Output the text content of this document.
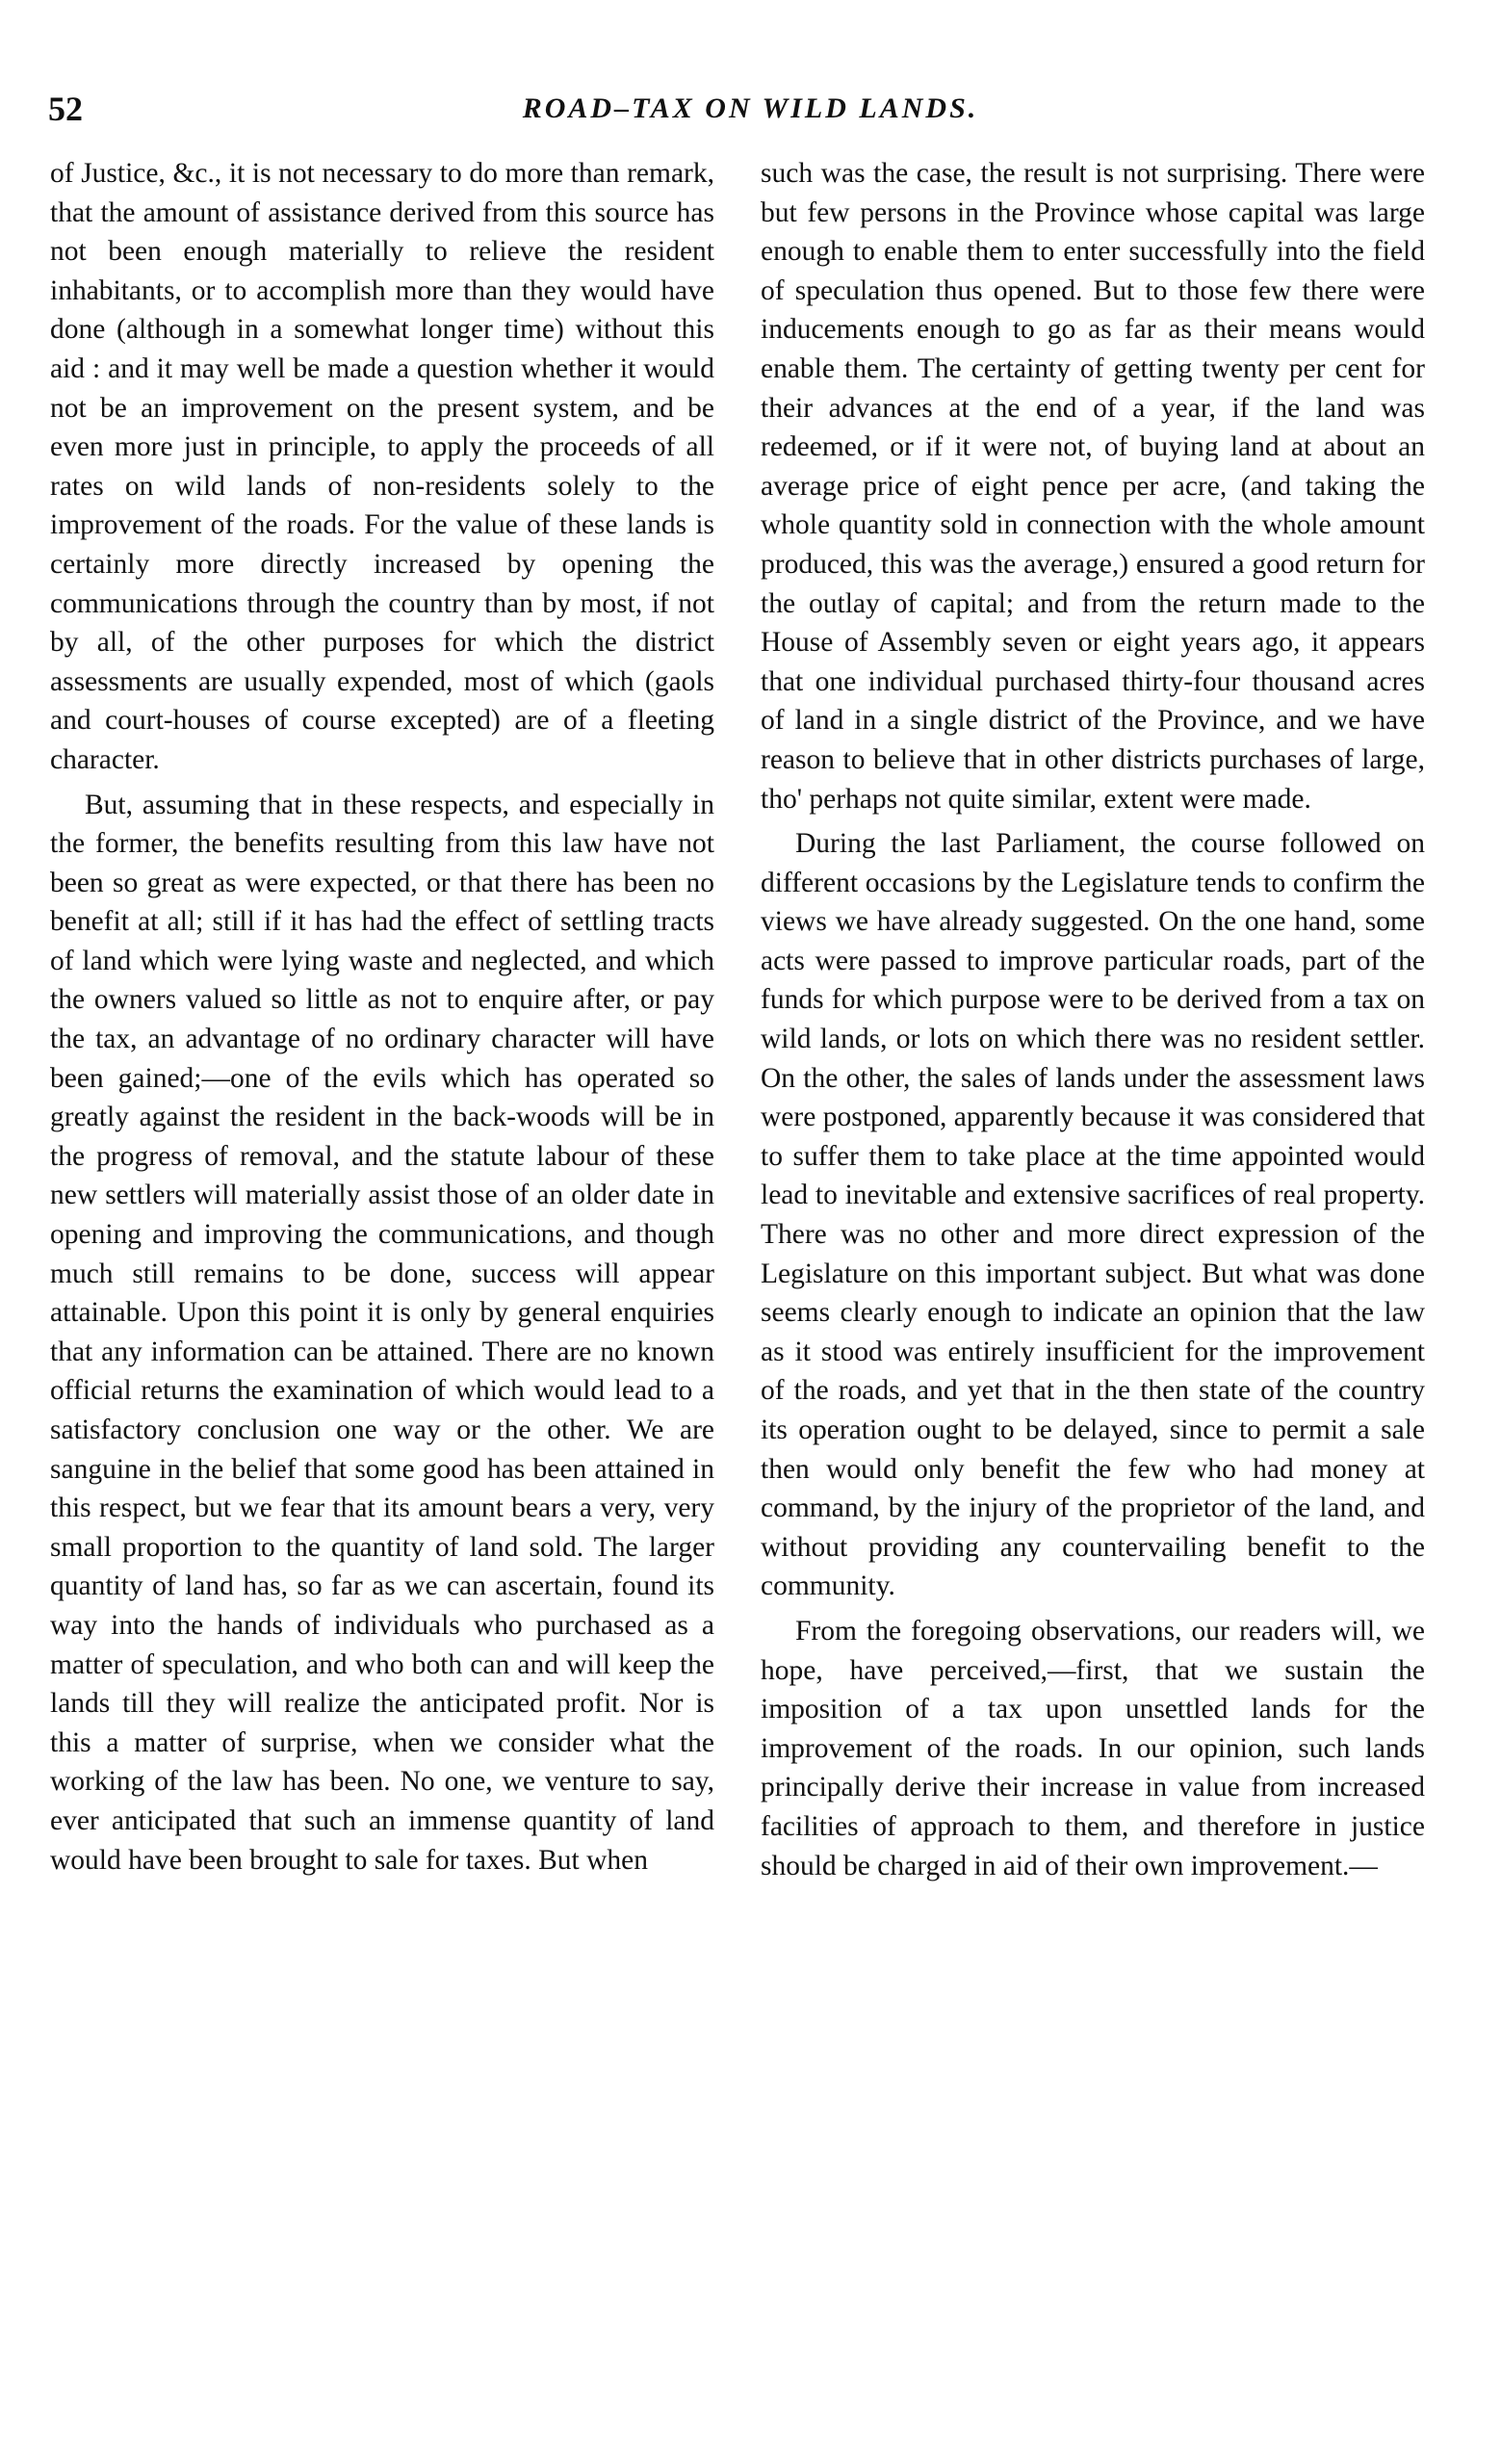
52	ROAD–TAX ON WILD LANDS.

of Justice, &c., it is not necessary to do more than remark, that the amount of assistance derived from this source has not been enough materially to relieve the resident inhabitants, or to accomplish more than they would have done (although in a somewhat longer time) without this aid : and it may well be made a question whether it would not be an improvement on the present system, and be even more just in principle, to apply the proceeds of all rates on wild lands of non-residents solely to the improvement of the roads. For the value of these lands is certainly more directly increased by opening the communications through the country than by most, if not by all, of the other purposes for which the district assessments are usually expended, most of which (gaols and court-houses of course excepted) are of a fleeting character.

But, assuming that in these respects, and especially in the former, the benefits resulting from this law have not been so great as were expected, or that there has been no benefit at all; still if it has had the effect of settling tracts of land which were lying waste and neglected, and which the owners valued so little as not to enquire after, or pay the tax, an advantage of no ordinary character will have been gained;—one of the evils which has operated so greatly against the resident in the back-woods will be in the progress of removal, and the statute labour of these new settlers will materially assist those of an older date in opening and improving the communications, and though much still remains to be done, success will appear attainable. Upon this point it is only by general enquiries that any information can be attained. There are no known official returns the examination of which would lead to a satisfactory conclusion one way or the other. We are sanguine in the belief that some good has been attained in this respect, but we fear that its amount bears a very, very small proportion to the quantity of land sold. The larger quantity of land has, so far as we can ascertain, found its way into the hands of individuals who purchased as a matter of speculation, and who both can and will keep the lands till they will realize the anticipated profit. Nor is this a matter of surprise, when we consider what the working of the law has been. No one, we venture to say, ever anticipated that such an immense quantity of land would have been brought to sale for taxes. But when

such was the case, the result is not surprising. There were but few persons in the Province whose capital was large enough to enable them to enter successfully into the field of speculation thus opened. But to those few there were inducements enough to go as far as their means would enable them. The certainty of getting twenty per cent for their advances at the end of a year, if the land was redeemed, or if it were not, of buying land at about an average price of eight pence per acre, (and taking the whole quantity sold in connection with the whole amount produced, this was the average,) ensured a good return for the outlay of capital; and from the return made to the House of Assembly seven or eight years ago, it appears that one individual purchased thirty-four thousand acres of land in a single district of the Province, and we have reason to believe that in other districts purchases of large, tho' perhaps not quite similar, extent were made.

During the last Parliament, the course followed on different occasions by the Legislature tends to confirm the views we have already suggested. On the one hand, some acts were passed to improve particular roads, part of the funds for which purpose were to be derived from a tax on wild lands, or lots on which there was no resident settler. On the other, the sales of lands under the assessment laws were postponed, apparently because it was considered that to suffer them to take place at the time appointed would lead to inevitable and extensive sacrifices of real property. There was no other and more direct expression of the Legislature on this important subject. But what was done seems clearly enough to indicate an opinion that the law as it stood was entirely insufficient for the improvement of the roads, and yet that in the then state of the country its operation ought to be delayed, since to permit a sale then would only benefit the few who had money at command, by the injury of the proprietor of the land, and without providing any countervailing benefit to the community.

From the foregoing observations, our readers will, we hope, have perceived,—first, that we sustain the imposition of a tax upon unsettled lands for the improvement of the roads. In our opinion, such lands principally derive their increase in value from increased facilities of approach to them, and therefore in justice should be charged in aid of their own improvement.—
